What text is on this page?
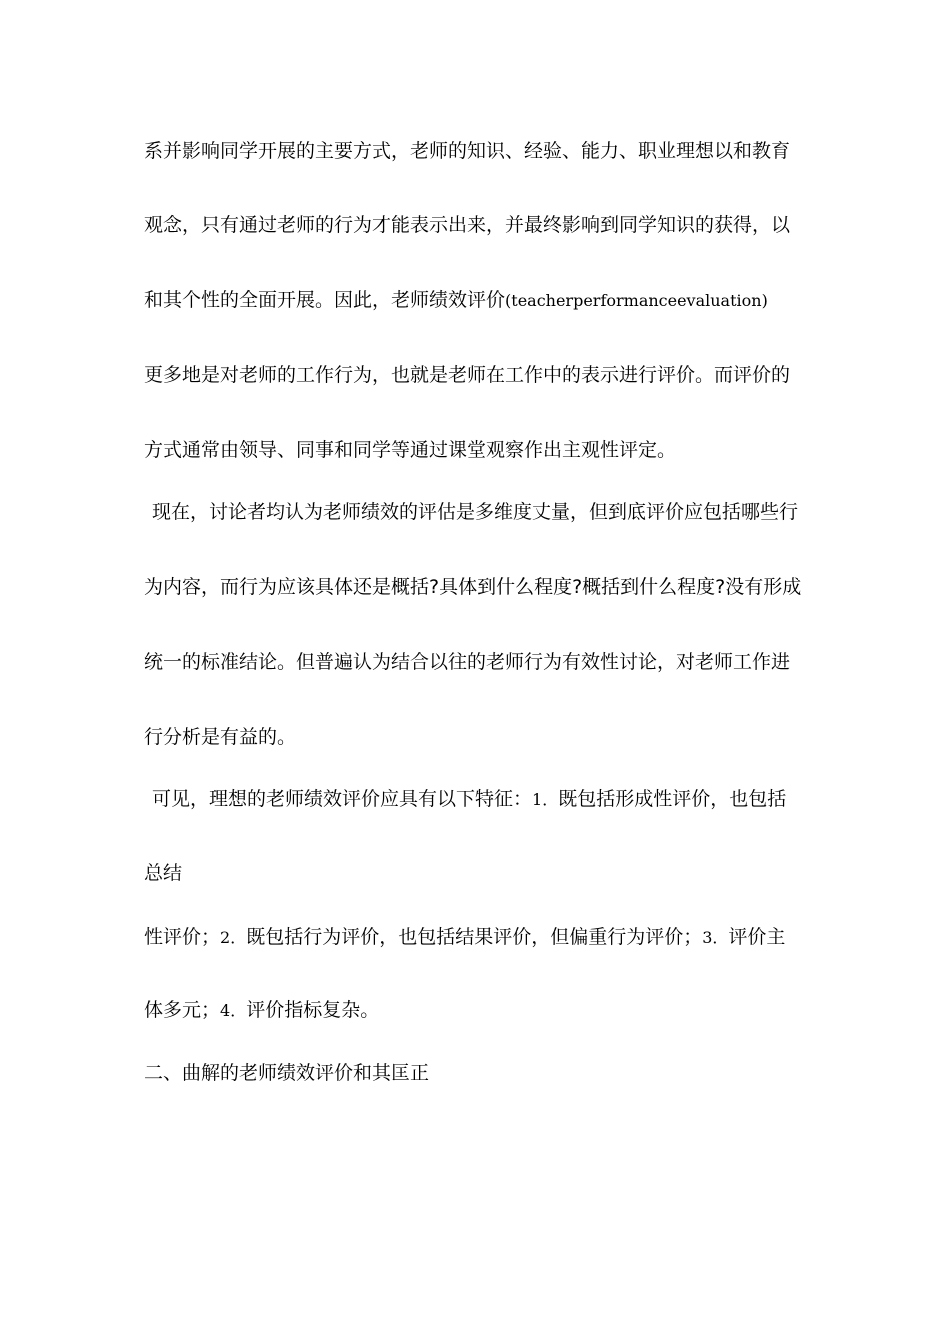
系并影响同学开展的主要方式，老师的知识、经验、能力、职业理想以和教育
观念，只有通过老师的行为才能表示出来，并最终影响到同学知识的获得，以
和其个性的全面开展。因此，老师绩效评价(teacherperformanceevaluation)
更多地是对老师的工作行为，也就是老师在工作中的表示进行评价。而评价的
方式通常由领导、同事和同学等通过课堂观察作出主观性评定。
现在，讨论者均认为老师绩效的评估是多维度丈量，但到底评价应包括哪些行
为内容，而行为应该具体还是概括?具体到什么程度?概括到什么程度?没有形成
统一的标准结论。但普遍认为结合以往的老师行为有效性讨论，对老师工作进
行分析是有益的。
可见，理想的老师绩效评价应具有以下特征：1．既包括形成性评价，也包括
总结
性评价；2．既包括行为评价，也包括结果评价，但偏重行为评价；3．评价主
体多元；4．评价指标复杂。
二、曲解的老师绩效评价和其匡正
